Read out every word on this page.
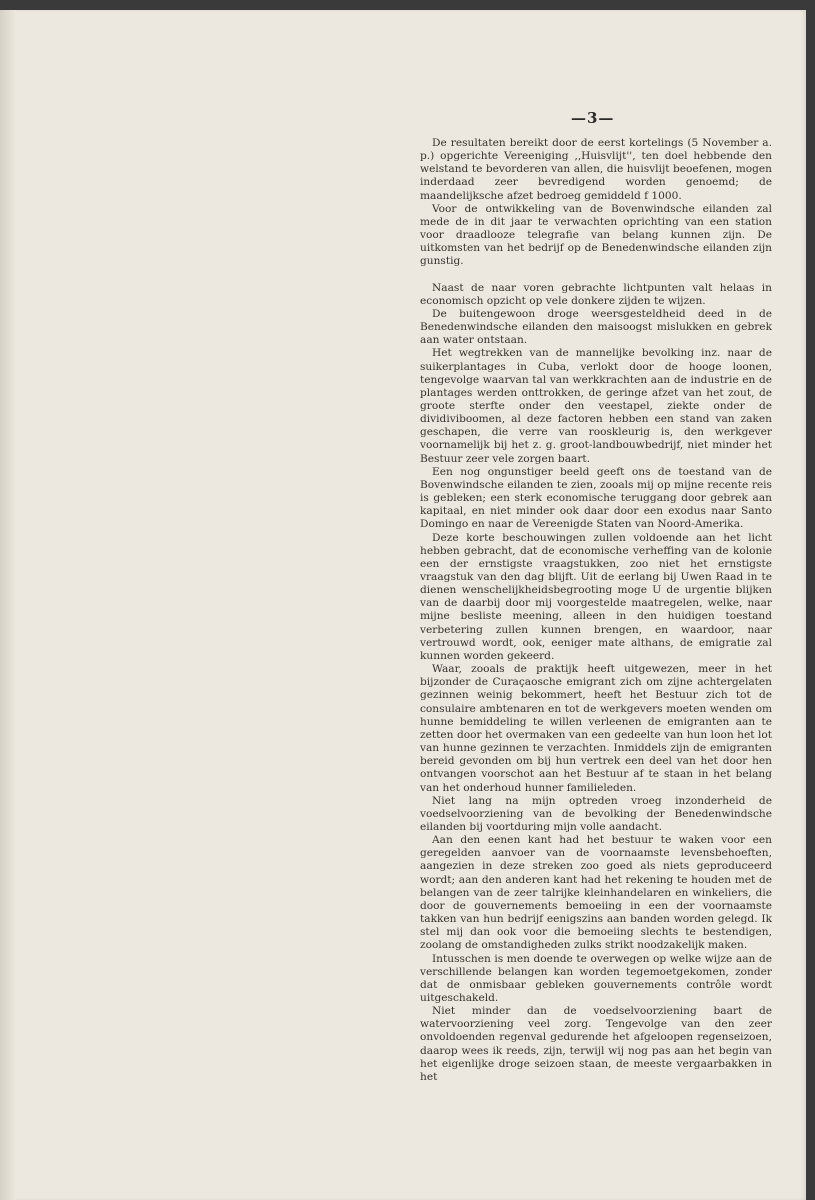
—3—

De resultaten bereikt door de eerst kortelings (5 November a. p.) opgerichte Vereeniging ,,Huisvlijt'', ten doel hebbende den welstand te bevorderen van allen, die huisvlijt beoefenen, mogen inderdaad zeer bevredigend worden genoemd; de maandelijksche afzet bedroeg gemiddeld f 1000.

Voor de ontwikkeling van de Bovenwindsche eilanden zal mede de in dit jaar te verwachten oprichting van een station voor draadlooze telegrafie van belang kunnen zijn. De uitkomsten van het bedrijf op de Benedenwindsche eilanden zijn gunstig.

Naast de naar voren gebrachte lichtpunten valt helaas in economisch opzicht op vele donkere zijden te wijzen.

De buitengewoon droge weersgesteldheid deed in de Benedenwindsche eilanden den maisoogst mislukken en gebrek aan water ontstaan.

Het wegtrekken van de mannelijke bevolking inz. naar de suikerplantages in Cuba, verlokt door de hooge loonen, tengevolge waarvan tal van werkkrachten aan de industrie en de plantages werden onttrokken, de geringe afzet van het zout, de groote sterfte onder den veestapel, ziekte onder de dividiviboomen, al deze factoren hebben een stand van zaken geschapen, die verre van rooskleurig is, den werkgever voornamelijk bij het z. g. groot-landbouwbedrijf, niet minder het Bestuur zeer vele zorgen baart.

Een nog ongunstiger beeld geeft ons de toestand van de Bovenwindsche eilanden te zien, zooals mij op mijne recente reis is gebleken; een sterk economische teruggang door gebrek aan kapitaal, en niet minder ook daar door een exodus naar Santo Domingo en naar de Vereenigde Staten van Noord-Amerika.

Deze korte beschouwingen zullen voldoende aan het licht hebben gebracht, dat de economische verheffing van de kolonie een der ernstigste vraagstukken, zoo niet het ernstigste vraagstuk van den dag blijft. Uit de eerlang bij Uwen Raad in te dienen wenschelijkheidsbegrooting moge U de urgentie blijken van de daarbij door mij voorgestelde maatregelen, welke, naar mijne besliste meening, alleen in den huidigen toestand verbetering zullen kunnen brengen, en waardoor, naar vertrouwd wordt, ook, eeniger mate althans, de emigratie zal kunnen worden gekeerd.

Waar, zooals de praktijk heeft uitgewezen, meer in het bijzonder de Curaçaosche emigrant zich om zijne achtergelaten gezinnen weinig bekommert, heeft het Bestuur zich tot de consulaire ambtenaren en tot de werkgevers moeten wenden om hunne bemiddeling te willen verleenen de emigranten aan te zetten door het overmaken van een gedeelte van hun loon het lot van hunne gezinnen te verzachten. Inmiddels zijn de emigranten bereid gevonden om bij hun vertrek een deel van het door hen ontvangen voorschot aan het Bestuur af te staan in het belang van het onderhoud hunner familieleden.

Niet lang na mijn optreden vroeg inzonderheid de voedselvoorziening van de bevolking der Benedenwindsche eilanden bij voortduring mijn volle aandacht.

Aan den eenen kant had het bestuur te waken voor een geregelden aanvoer van de voornaamste levensbehoeften, aangezien in deze streken zoo goed als niets geproduceerd wordt; aan den anderen kant had het rekening te houden met de belangen van de zeer talrijke kleinhandelaren en winkeliers, die door de gouvernements bemoeiing in een der voornaamste takken van hun bedrijf eenigszins aan banden worden gelegd. Ik stel mij dan ook voor die bemoeiing slechts te bestendigen, zoolang de omstandigheden zulks strikt noodzakelijk maken.

Intusschen is men doende te overwegen op welke wijze aan de verschillende belangen kan worden tegemoetgekomen, zonder dat de onmisbaar gebleken gouvernements contrôle wordt uitgeschakeld.

Niet minder dan de voedselvoorziening baart de watervoorziening veel zorg. Tengevolge van den zeer onvoldoenden regenval gedurende het afgeloopen regenseizoen, daarop wees ik reeds, zijn, terwijl wij nog pas aan het begin van het eigenlijke droge seizoen staan, de meeste vergaarbakken in het
